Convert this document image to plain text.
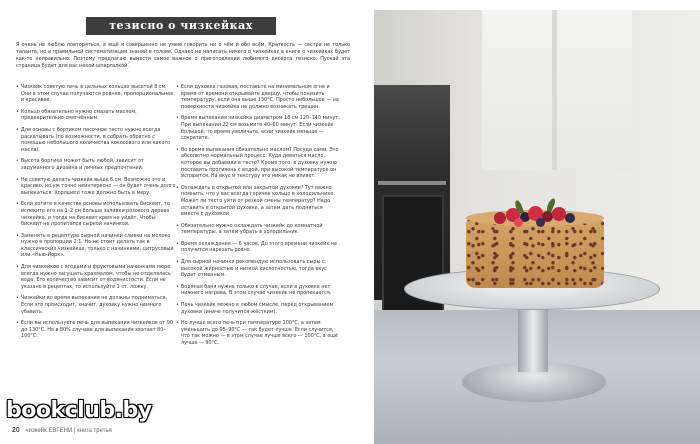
тезисно о чизкейках

Я очень не люблю повторяться, а ещё я совершенно не умею говорить ни о чём и обо всём. Краткость — сестра не только таланта, но и правильной систематизации знаний в голове. Однако не написать ничего о чизкейках в книге о чизкейках будет как-то неправильно. Поэтому предлагаю вынести самое важное о приготовлении любимого десерта тезисно. Пускай эта страница будет для вас некой шпаргалкой.

• Чизкейк советую печь в цельных кольцах высотой 8 см. Они в этом случае получаются ровнее, пропорциональнее и красивее.
• Кольцо обязательно нужно смазать маслом, предварительно смягчённым.
• Для основы с бортиком песочное тесто нужно всегда раскатывать (по возможности, в собрать обратно с помощью небольшого количества кокосового или какого масла).
• Высота бортика может быть любой, зависит от задуманного дизайна и личных предпочтений.
• Не советую делать чизкейк выше 6 см. Возможно это и красиво, но уж точно неинтересно — он будет очень долго выпекаться. Хорошего тоже должно быть в меру.
• Если хотите в качестве основы использовать бисквит, то испеките его на 1–2 см больше заливки розового дерева чизкейка, и тогда на бисквит крем не уйдёт. Чтобы бисквит не пропитался сырной начинкой.
• Заменять в рецептуре сырной начинки сливки на молоко нужно в пропорции 2:1. Но не стоит делать так в классических чизкейках, только с начинками, цитрусовый или «Нью-Йорк».
• Для чизкейков с ягодами и фруктовыми начинками пюре всегда нужно загущать крахмалом, чтобы не отделялась вода. Его количество зависит от водянистости. Если не указано в рецептах, то используйте 1 ст. ложку.
• Чизкейки во время выпекания не должны подниматься. Если это происходит, значит, духовку нужно немного убавить.
• Если вы используете печь для выпекания чизкейков от 90 до 130°C. Но в 80% случаев для выпекания хватает 80–100°C.
• Если духовка газовая, поставьте на минимальном огне и время от времени открывайте дверцу, чтобы понизить температуру, если она выше 130°C. Просто небольшое — на поверхности чизкейка не должно возникать трещин.
• Время выпекания чизкейка диаметром 18 см 120–140 минут. При выпекании 22 см возьмите 40–60 минут. Если чизкейк большой, то время увеличьте, если чизкейк меньше — сократите.
• Во время выпекания обязательно маслом? Посуди сами. Это абсолютно нормальный процесс. Куда деваться масло, которое вы добавили в тесто? Кроме того, в духовку нужно поставить противень с водой, при высокой температуре он испарится. На вкус и текстуру это никак не влияет.
• Охлаждать в открытой или закрытой духовке? Тут важно помнить, что у вас всегда горячее кольцо в холодильнике. Может ли тесто уйти от резкой смены температур? Надо оставить в открытой духовке, а затем дать подняться вместе с духовкой.
• Обязательно нужно охлаждать чизкейк до комнатной температуры, а затем убрать в холодильник.
• Время охлаждения — 6 часов. До этого времени чизкейк не получится нарезать ровно.
• Для сырной начинки рекомендую использовать сыры с высокой жирностью и низкой кислотностью, тогда вкус будет отменным.
• Водяная баня нужна только в случае, если в духовке нет нижнего нагрева. В этом случае чизкейк не пропекается.
• Печь чизкейк можно в любом смысле, перед открыванием духовки (иначе получится жёстким).
• Но лучше всего печь при температуре 100°C, а затем уменьшить до 95–90°C — так будет лучше. Если случится, что так можно — в этом случае лучше всего — 100°C, а ещё лучше — 90°C.
20 чизкейк ЕВГЕНИ | книга третья
bookclub.by
